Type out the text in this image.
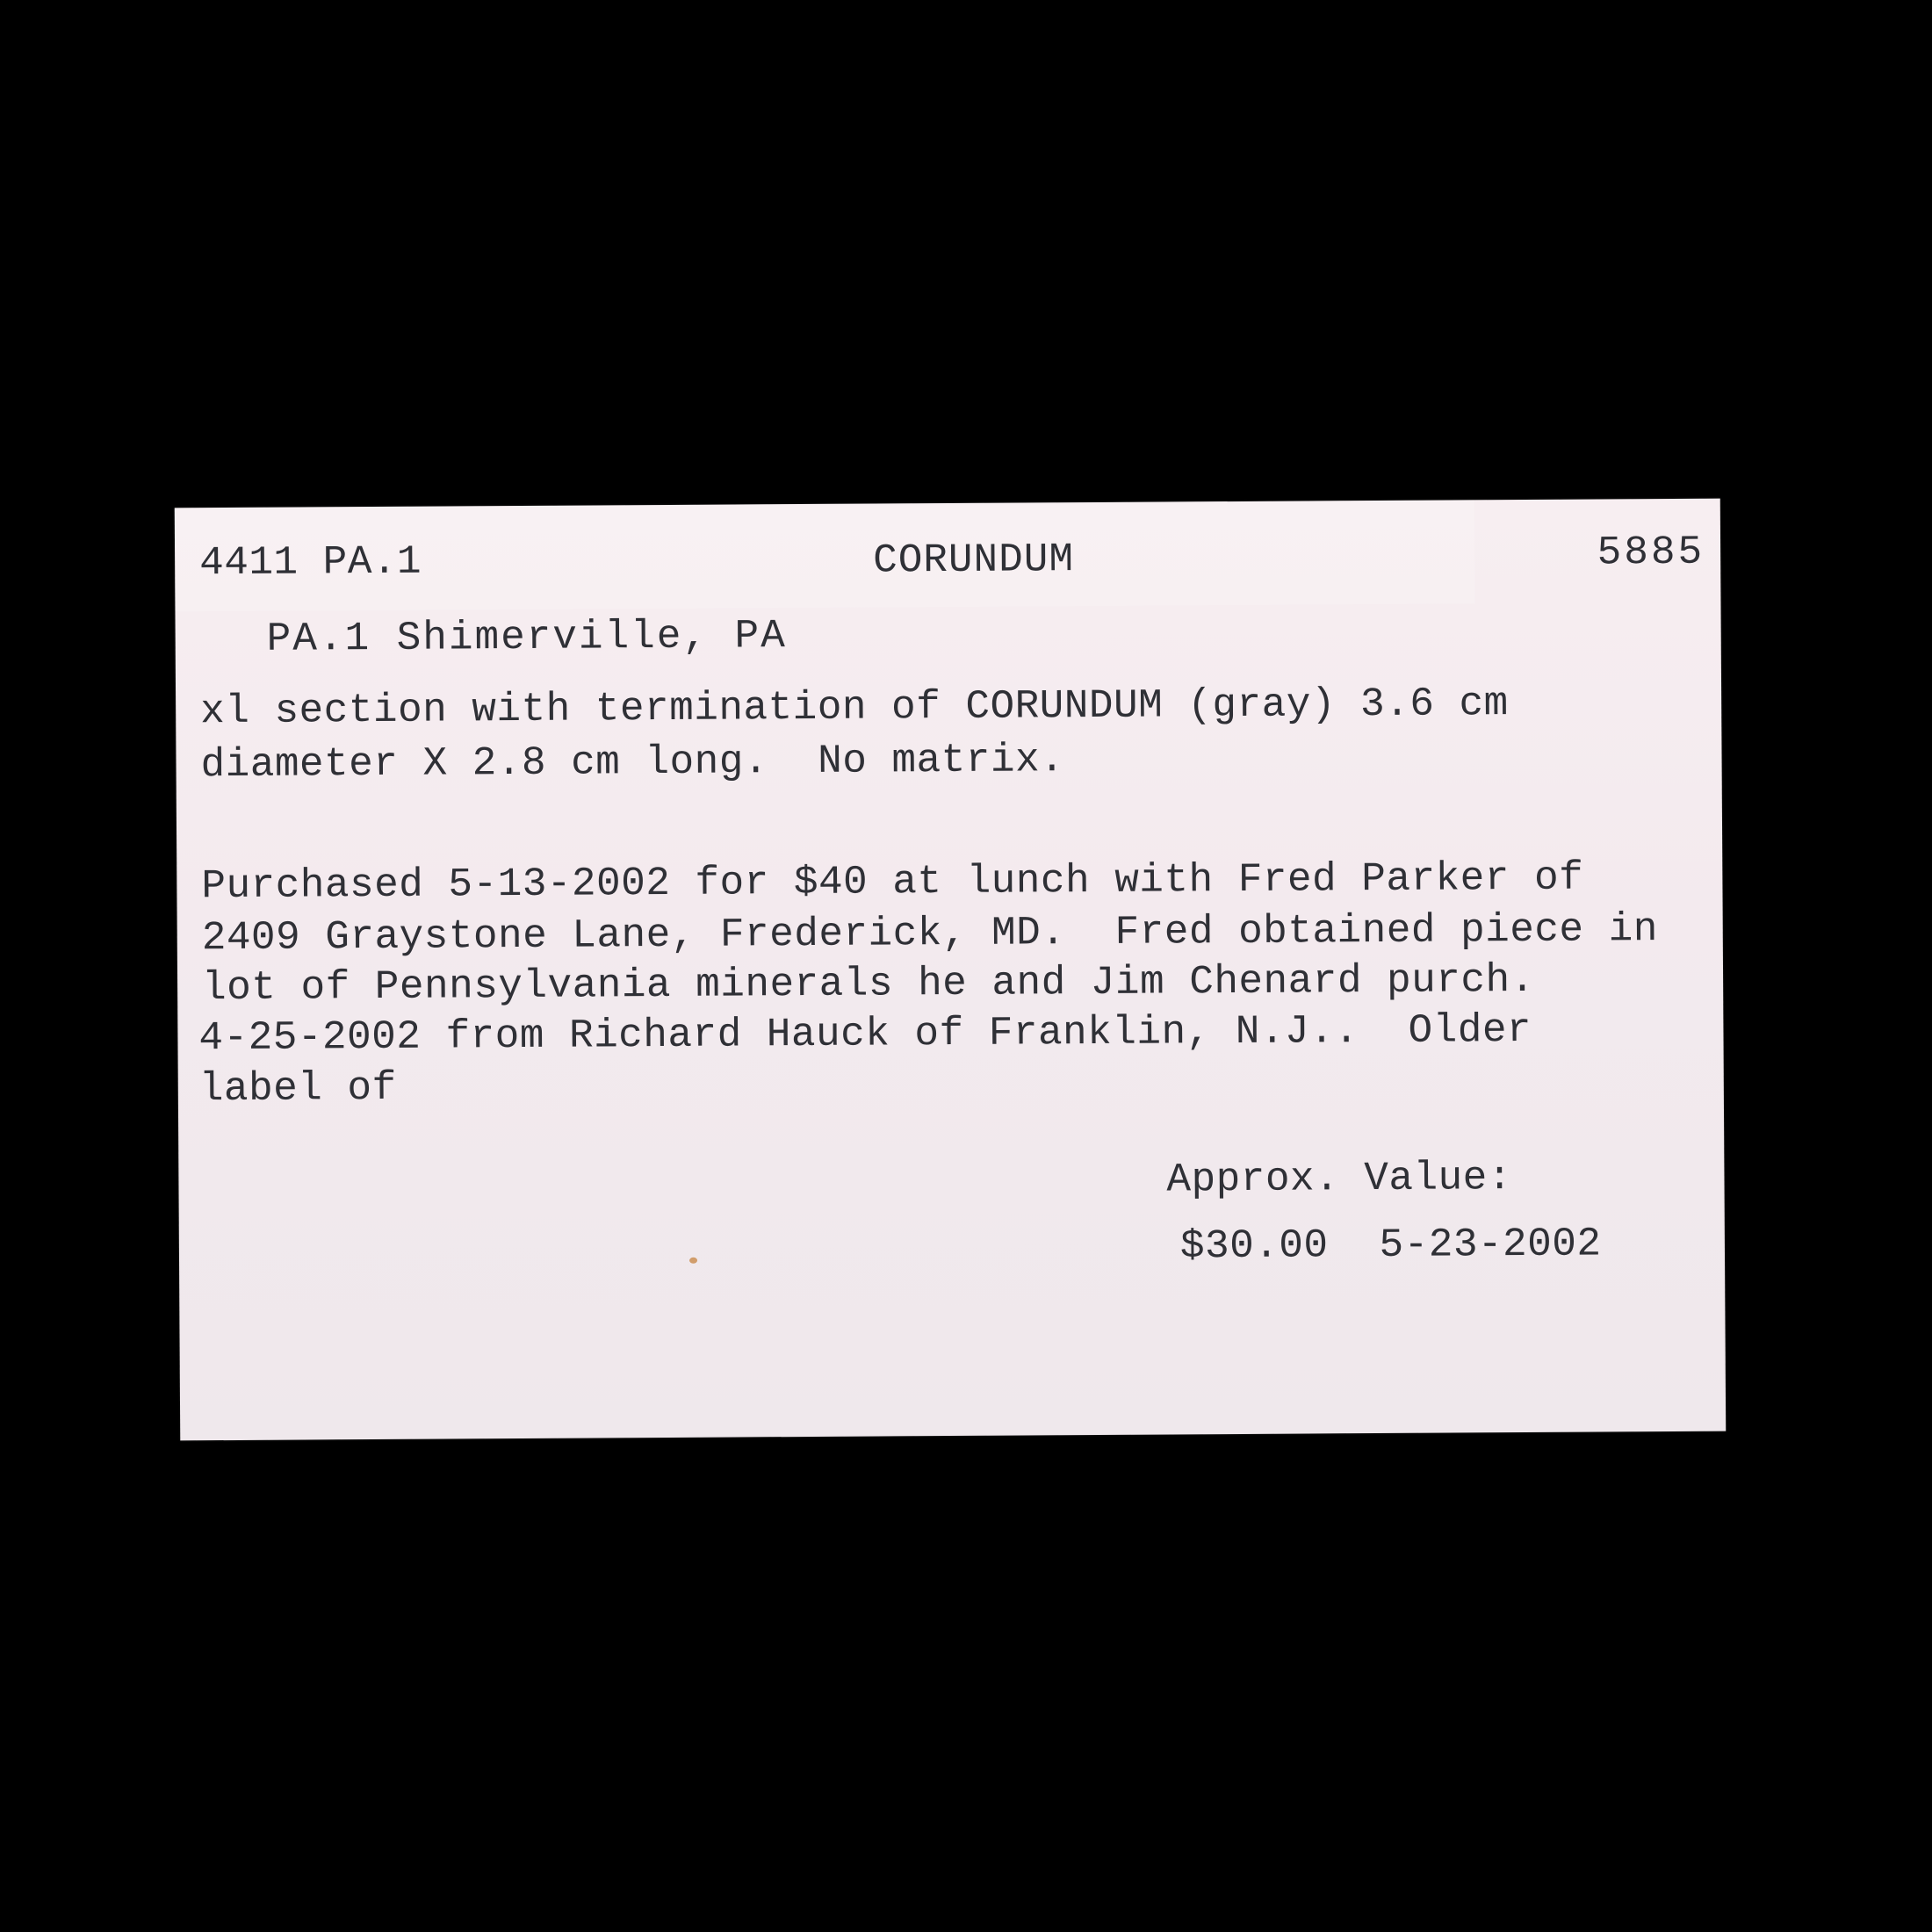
4411 PA.1	CORUNDUM	5885
PA.1 Shimerville, PA
xl section with termination of CORUNDUM (gray) 3.6 cm
diameter X 2.8 cm long.  No matrix.
Purchased 5-13-2002 for $40 at lunch with Fred Parker of
2409 Graystone Lane, Frederick, MD.  Fred obtained piece in
lot of Pennsylvania minerals he and Jim Chenard purch.
4-25-2002 from Richard Hauck of Franklin, N.J..  Older
label of
Approx. Value:
$30.00 5-23-2002
